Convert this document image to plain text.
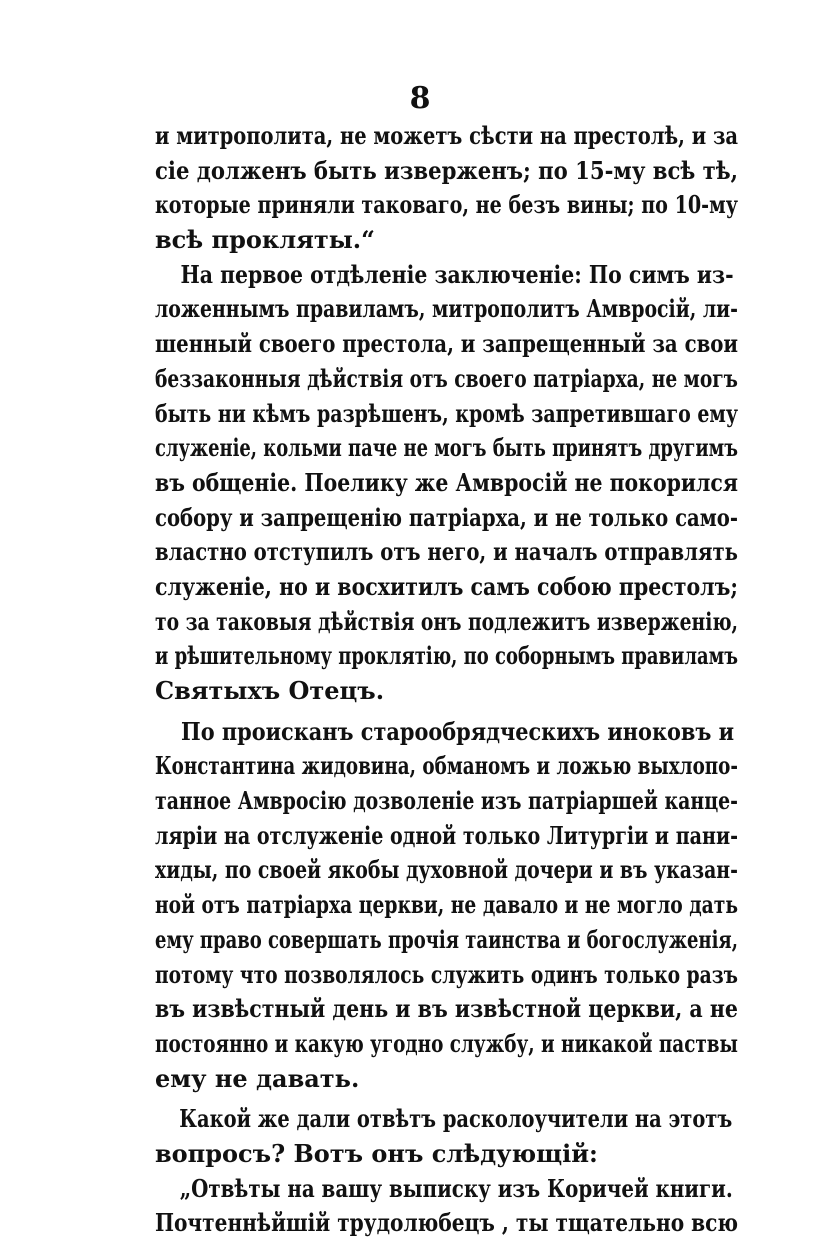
8
и митрополита, не можетъ сѣсти на престолѣ, и за
сіе долженъ быть изверженъ; по 15-му всѣ тѣ,
которые приняли таковаго, не безъ вины; по 10-му
всѣ прокляты.“
На первое отдѣленіе заключеніе: По симъ из-
ложеннымъ правиламъ, митрополитъ Амвросій, ли-
шенный своего престола, и запрещенный за свои
беззаконныя дѣйствія отъ своего патріарха, не могъ
быть ни кѣмъ разрѣшенъ, кромѣ запретившаго ему
служеніе, кольми паче не могъ быть принятъ другимъ
въ общеніе. Поелику же Амвросій не покорился
собору и запрещенію патріарха, и не только само-
властно отступилъ отъ него, и началъ отправлять
служеніе, но и восхитилъ самъ собою престолъ;
то за таковыя дѣйствія онъ подлежитъ изверженію,
и рѣшительному проклятію, по соборнымъ правиламъ
Святыхъ Отецъ.
По происканъ старообрядческихъ иноковъ и
Константина жидовина, обманомъ и ложью выхлопо-
танное Амвросію дозволеніе изъ патріаршей канце-
ляріи на отслуженіе одной только Литургіи и пани-
хиды, по своей якобы духовной дочери и въ указан-
ной отъ патріарха церкви, не давало и не могло дать
ему право совершать прочія таинства и богослуженія,
потому что позволялось служить одинъ только разъ
въ извѣстный день и въ извѣстной церкви, а не
постоянно и какую угодно службу, и никакой паствы
ему не давать.
Какой же дали отвѣтъ расколоучители на этотъ
вопросъ? Вотъ онъ слѣдующій:
„Отвѣты на вашу выписку изъ Коричей книги.
Почтеннѣйшій трудолюбецъ , ты тщательно всю
